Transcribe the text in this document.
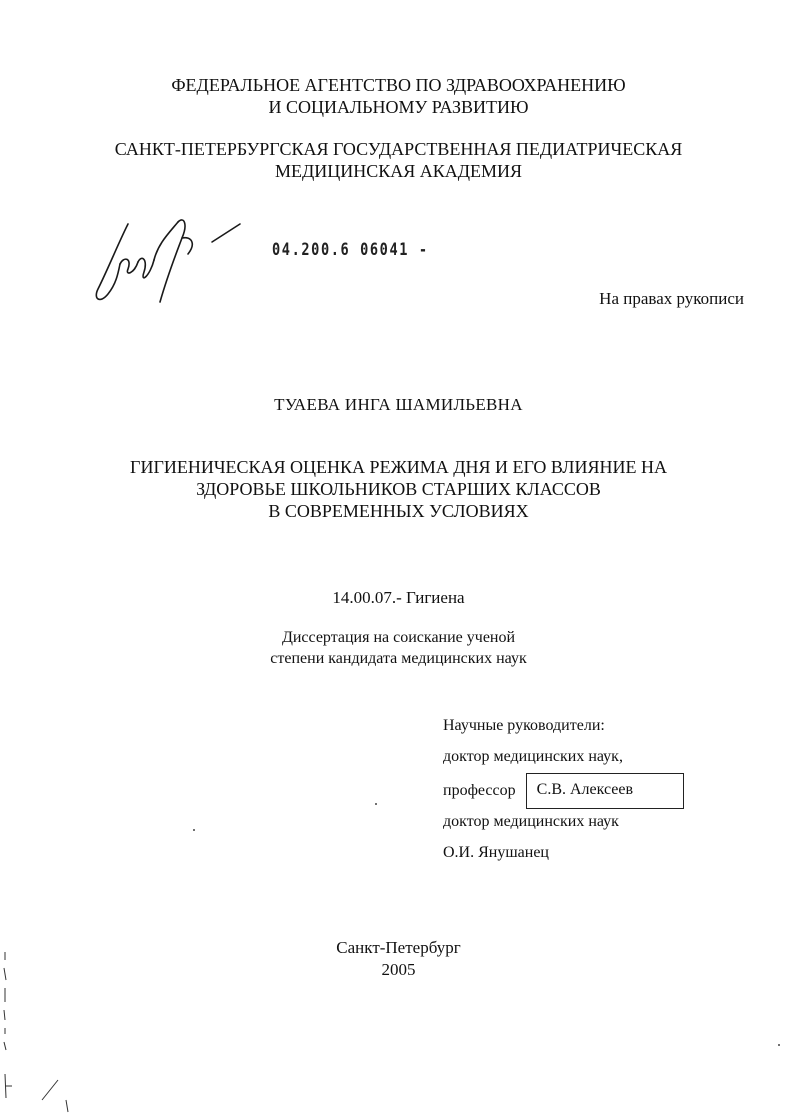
ФЕДЕРАЛЬНОЕ АГЕНТСТВО ПО ЗДРАВООХРАНЕНИЮ
И СОЦИАЛЬНОМУ РАЗВИТИЮ
САНКТ-ПЕТЕРБУРГСКАЯ ГОСУДАРСТВЕННАЯ ПЕДИАТРИЧЕСКАЯ
МЕДИЦИНСКАЯ АКАДЕМИЯ
04.200.6 06041 -
На правах рукописи
ТУАЕВА ИНГА ШАМИЛЬЕВНА
ГИГИЕНИЧЕСКАЯ ОЦЕНКА РЕЖИМА ДНЯ И ЕГО ВЛИЯНИЕ НА
ЗДОРОВЬЕ ШКОЛЬНИКОВ СТАРШИХ КЛАССОВ
В СОВРЕМЕННЫХ УСЛОВИЯХ
14.00.07.- Гигиена
Диссертация на соискание ученой
степени кандидата медицинских наук
Научные руководители:
доктор медицинских наук,
профессор	С.В. Алексеев
доктор медицинских наук
О.И. Янушанец
Санкт-Петербург
2005
